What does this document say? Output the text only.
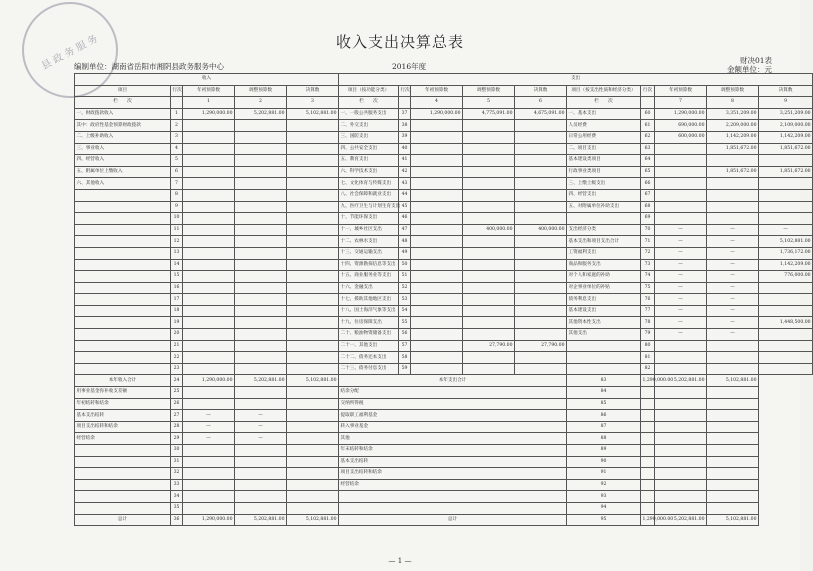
县政务服务	收入支出决算总表
编制单位：湖南省岳阳市湘阴县政务服务中心	2016年度
财决01表
金额单位：元
收入					支出									
项目	行次	年初预算数	调整预算数	决算数	项目（按功能分类）	行次	年初预算数	调整预算数	决算数	项目（按支出性质和经济分类）	行次	年初预算数	调整预算数	决算数
栏　　次		1	2	3	栏　　次		4	5	6	栏　　次		7	8	9
一、财政拨款收入	1	1,290,000.00	5,202,881.00	5,102,881.00	一、一般公共服务支出	37	1,290,000.00	4,775,091.00	4,675,091.00	一、基本支出	60	1,290,000.00	3,351,209.00	3,251,209.00
其中：政府性基金预算财政拨款	2				二、外交支出	38				人员经费	61	690,000.00	2,209,000.00	2,109,000.00
二、上级补助收入	3				三、国防支出	39				日常公用经费	62	600,000.00	1,142,209.00	1,142,209.00
三、事业收入	4				四、公共安全支出	40				二、项目支出	63		1,851,672.00	1,851,672.00
四、经营收入	5				五、教育支出	41				基本建设类项目	64			
五、附属单位上缴收入	6				六、科学技术支出	42				行政事业类项目	65		1,851,672.00	1,851,672.00
六、其他收入	7				七、文化体育与传媒支出	43				三、上缴上级支出	66			
	8				八、社会保障和就业支出	44				四、经营支出	67			
	9				九、医疗卫生与计划生育支出	45				五、对附属单位补助支出	68			
	10				十、节能环保支出	46					69			
	11				十一、城乡社区支出	47		400,000.00	400,000.00	支出经济分类	70	—	—	—
	12				十二、农林水支出	48				基本支出和项目支出合计	71	—	—	5,102,881.00
	13				十三、交通运输支出	49				工资福利支出	72	—	—	1,736,172.00
	14				十四、资源勘探信息等支出	50				商品和服务支出	73	—	—	1,142,209.00
	15				十五、商业服务业等支出	51				对个人和家庭的补助	74	—	—	776,000.00
	16				十六、金融支出	52				对企事业单位的补贴	75	—	—	
	17				十七、援助其他地区支出	53				债务利息支出	76	—	—	
	18				十八、国土海洋气象等支出	54				基本建设支出	77	—	—	
	19				十九、住房保障支出	55				其他资本性支出	78	—	—	1,448,500.00
	20				二十、粮油物资储备支出	56				其他支出	79	—	—	
	21				二十一、其他支出	57		27,790.00	27,790.00		80			
	22				二十二、债务还本支出	58					81			
	23				二十三、债务付息支出	59					82			
本年收入合计	24	1,290,000.00	5,202,881.00	5,102,881.00	本年支出合计					83	1,290,000.00	5,202,881.00	5,102,881.00	
用事业基金弥补收支差额	25				结余分配					84				
年初结转和结余	26				交纳所得税					85				
基本支出结转	27	—	—		提取职工福利基金					86				
项目支出结转和结余	28	—	—		转入事业基金					87				
经营结余	29	—	—		其他					88				
	30				年末结转和结余					89				
	31				基本支出结转					90				
	32				项目支出结转和结余					91				
	33				经营结余					92				
	34									93				
	35									94				
总计	36	1,290,000.00	5,202,881.00	5,102,881.00	总计					95	1,290,000.00	5,202,881.00	5,102,881.00	
— 1 —
